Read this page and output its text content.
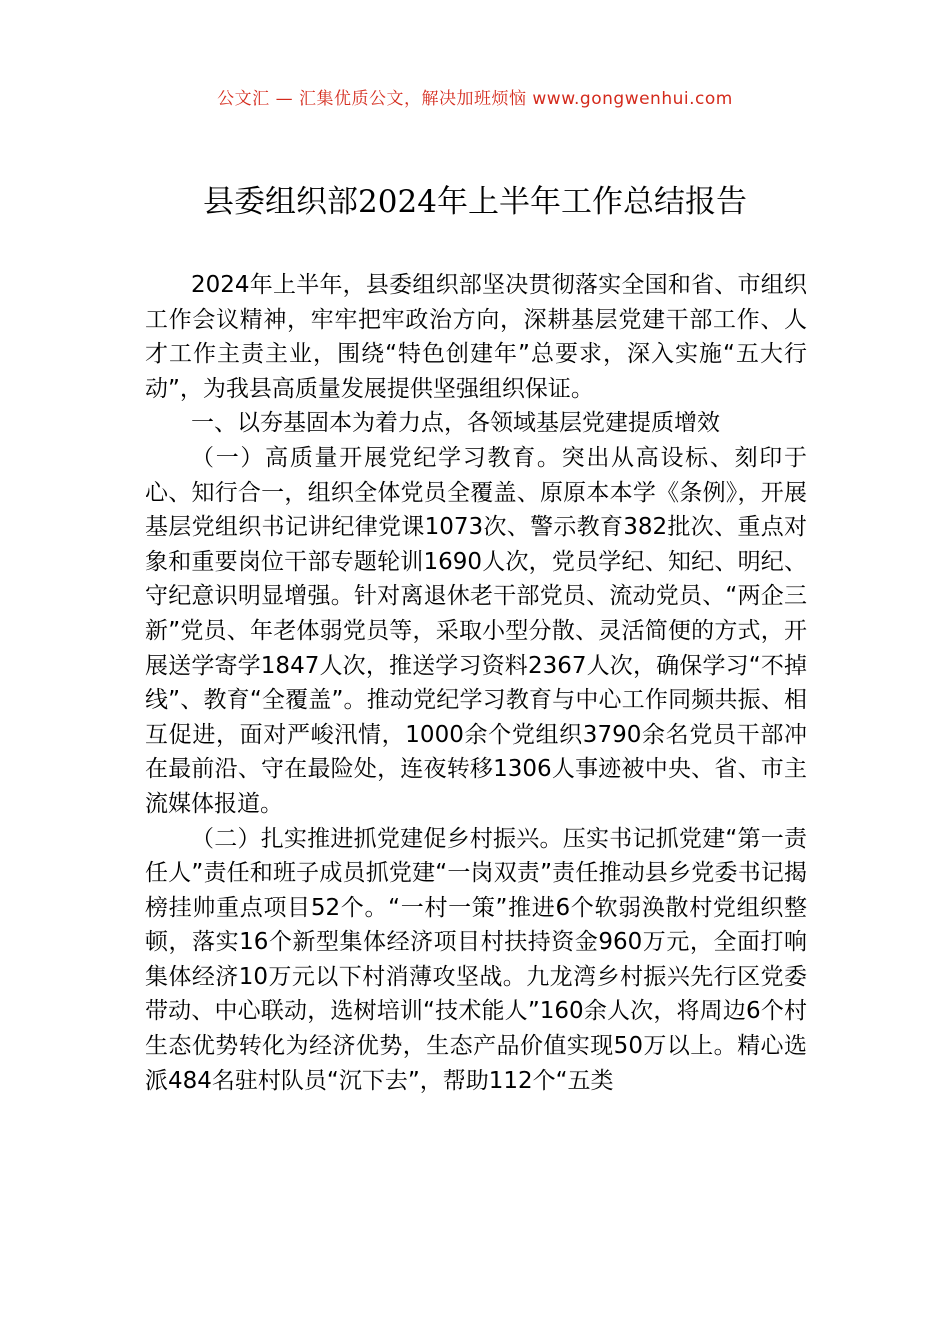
公文汇 — 汇集优质公文，解决加班烦恼 www.gongwenhui.com
县委组织部2024年上半年工作总结报告

2024年上半年，县委组织部坚决贯彻落实全国和省、市组织工作会议精神，牢牢把牢政治方向，深耕基层党建干部工作、人才工作主责主业，围绕“特色创建年”总要求，深入实施“五大行动”，为我县高质量发展提供坚强组织保证。

一、以夯基固本为着力点，各领域基层党建提质增效

（一）高质量开展党纪学习教育。突出从高设标、刻印于心、知行合一，组织全体党员全覆盖、原原本本学《条例》，开展基层党组织书记讲纪律党课1073次、警示教育382批次、重点对象和重要岗位干部专题轮训1690人次，党员学纪、知纪、明纪、守纪意识明显增强。针对离退休老干部党员、流动党员、“两企三新”党员、年老体弱党员等，采取小型分散、灵活简便的方式，开展送学寄学1847人次，推送学习资料2367人次，确保学习“不掉线”、教育“全覆盖”。推动党纪学习教育与中心工作同频共振、相互促进，面对严峻汛情，1000余个党组织3790余名党员干部冲在最前沿、守在最险处，连夜转移1306人事迹被中央、省、市主流媒体报道。

（二）扎实推进抓党建促乡村振兴。压实书记抓党建“第一责任人”责任和班子成员抓党建“一岗双责”责任推动县乡党委书记揭榜挂帅重点项目52个。“一村一策”推进6个软弱涣散村党组织整顿，落实16个新型集体经济项目村扶持资金960万元，全面打响集体经济10万元以下村消薄攻坚战。九龙湾乡村振兴先行区党委带动、中心联动，选树培训“技术能人”160余人次，将周边6个村生态优势转化为经济优势，生态产品价值实现50万以上。精心选派484名驻村队员“沉下去”，帮助112个“五类
